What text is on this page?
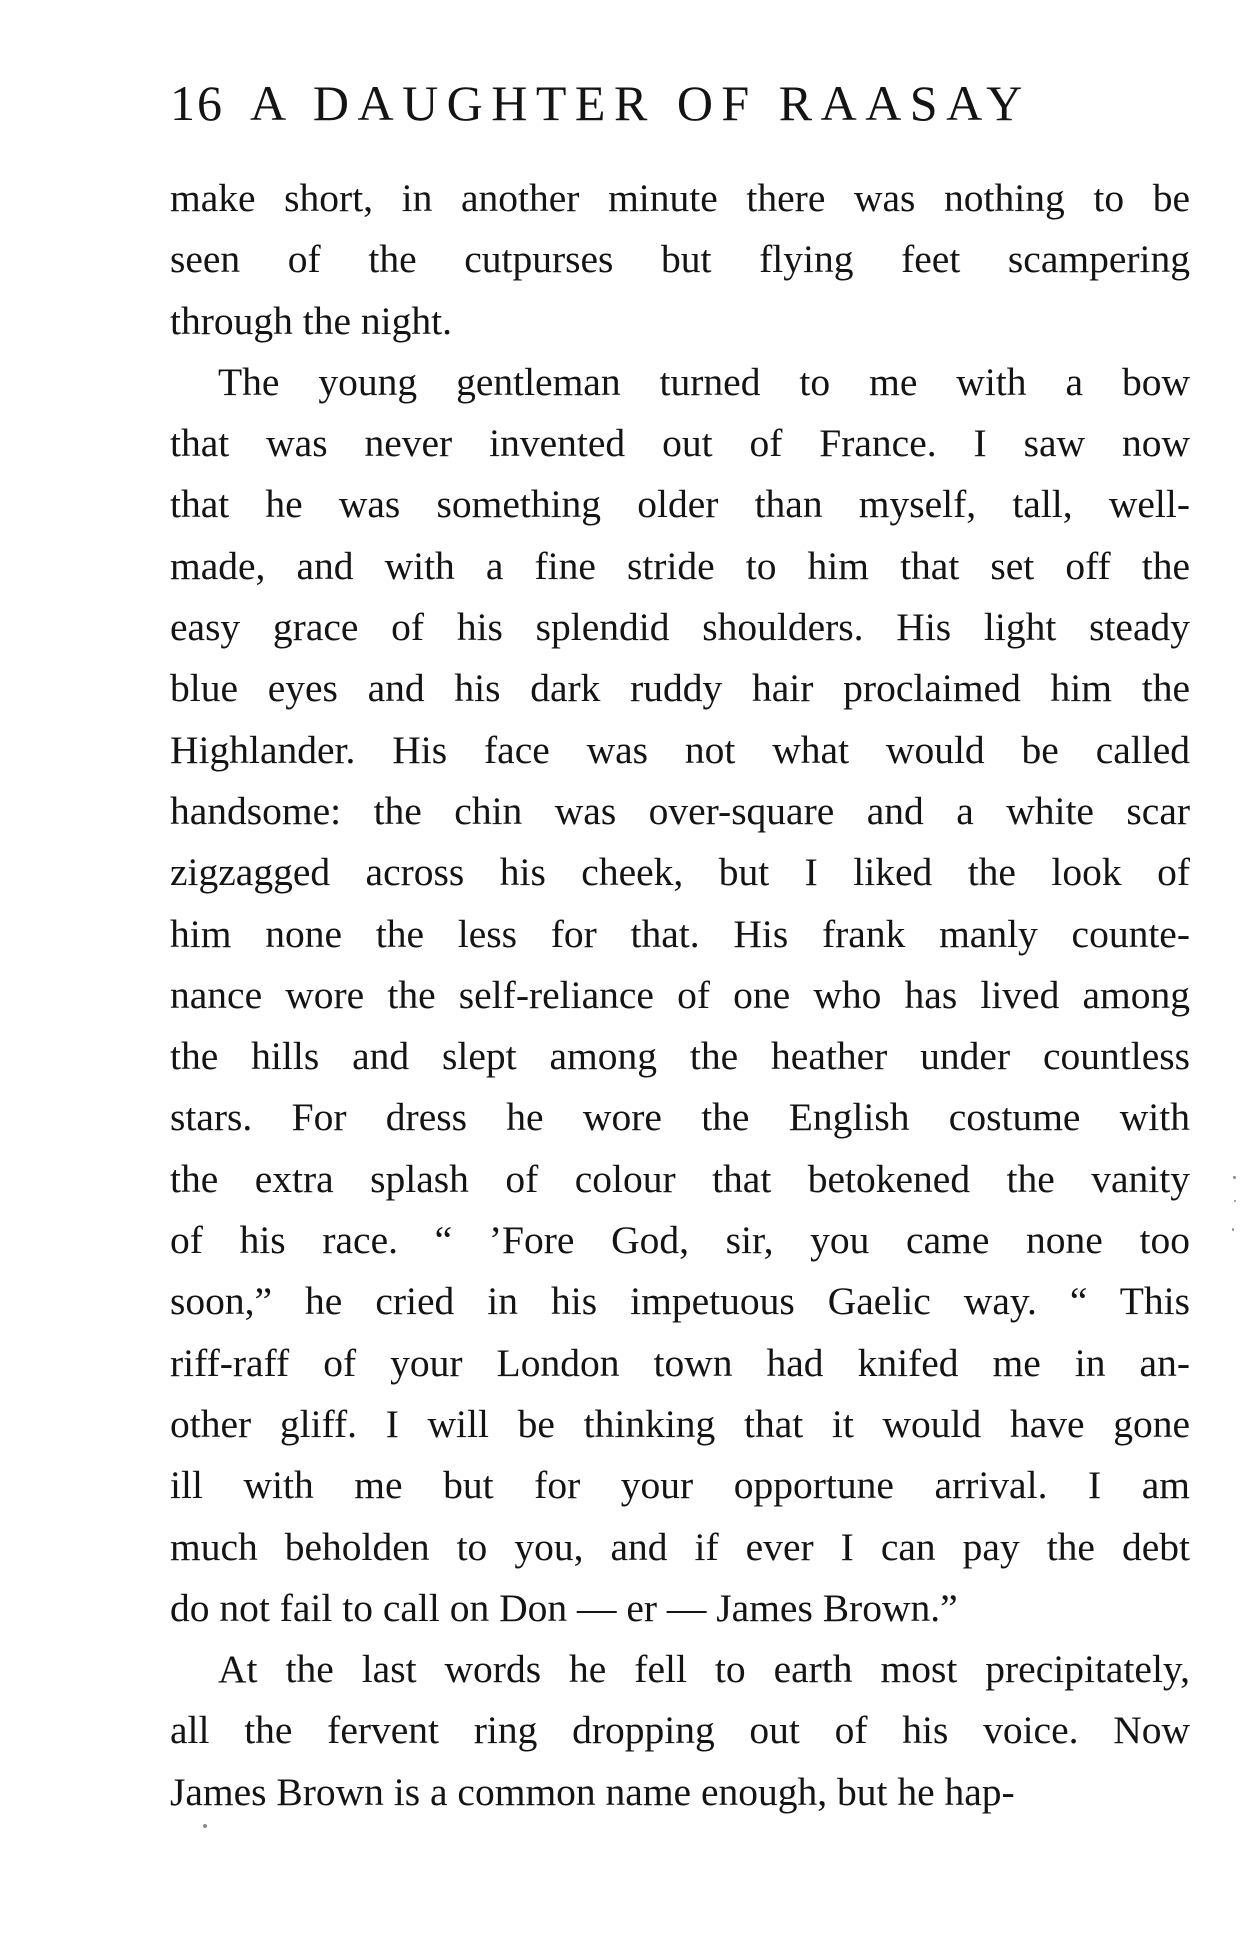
16 A DAUGHTER OF RAASAY
make short, in another minute there was nothing to be
seen of the cutpurses but flying feet scampering
through the night.
The young gentleman turned to me with a bow
that was never invented out of France. I saw now
that he was something older than myself, tall, well-
made, and with a fine stride to him that set off the
easy grace of his splendid shoulders. His light steady
blue eyes and his dark ruddy hair proclaimed him the
Highlander. His face was not what would be called
handsome: the chin was over-square and a white scar
zigzagged across his cheek, but I liked the look of
him none the less for that. His frank manly counte-
nance wore the self-reliance of one who has lived among
the hills and slept among the heather under countless
stars. For dress he wore the English costume with
the extra splash of colour that betokened the vanity
of his race. “ ’Fore God, sir, you came none too
soon,” he cried in his impetuous Gaelic way. “ This
riff-raff of your London town had knifed me in an-
other gliff. I will be thinking that it would have gone
ill with me but for your opportune arrival. I am
much beholden to you, and if ever I can pay the debt
do not fail to call on Don — er — James Brown.”
At the last words he fell to earth most precipitately,
all the fervent ring dropping out of his voice. Now
James Brown is a common name enough, but he hap-
